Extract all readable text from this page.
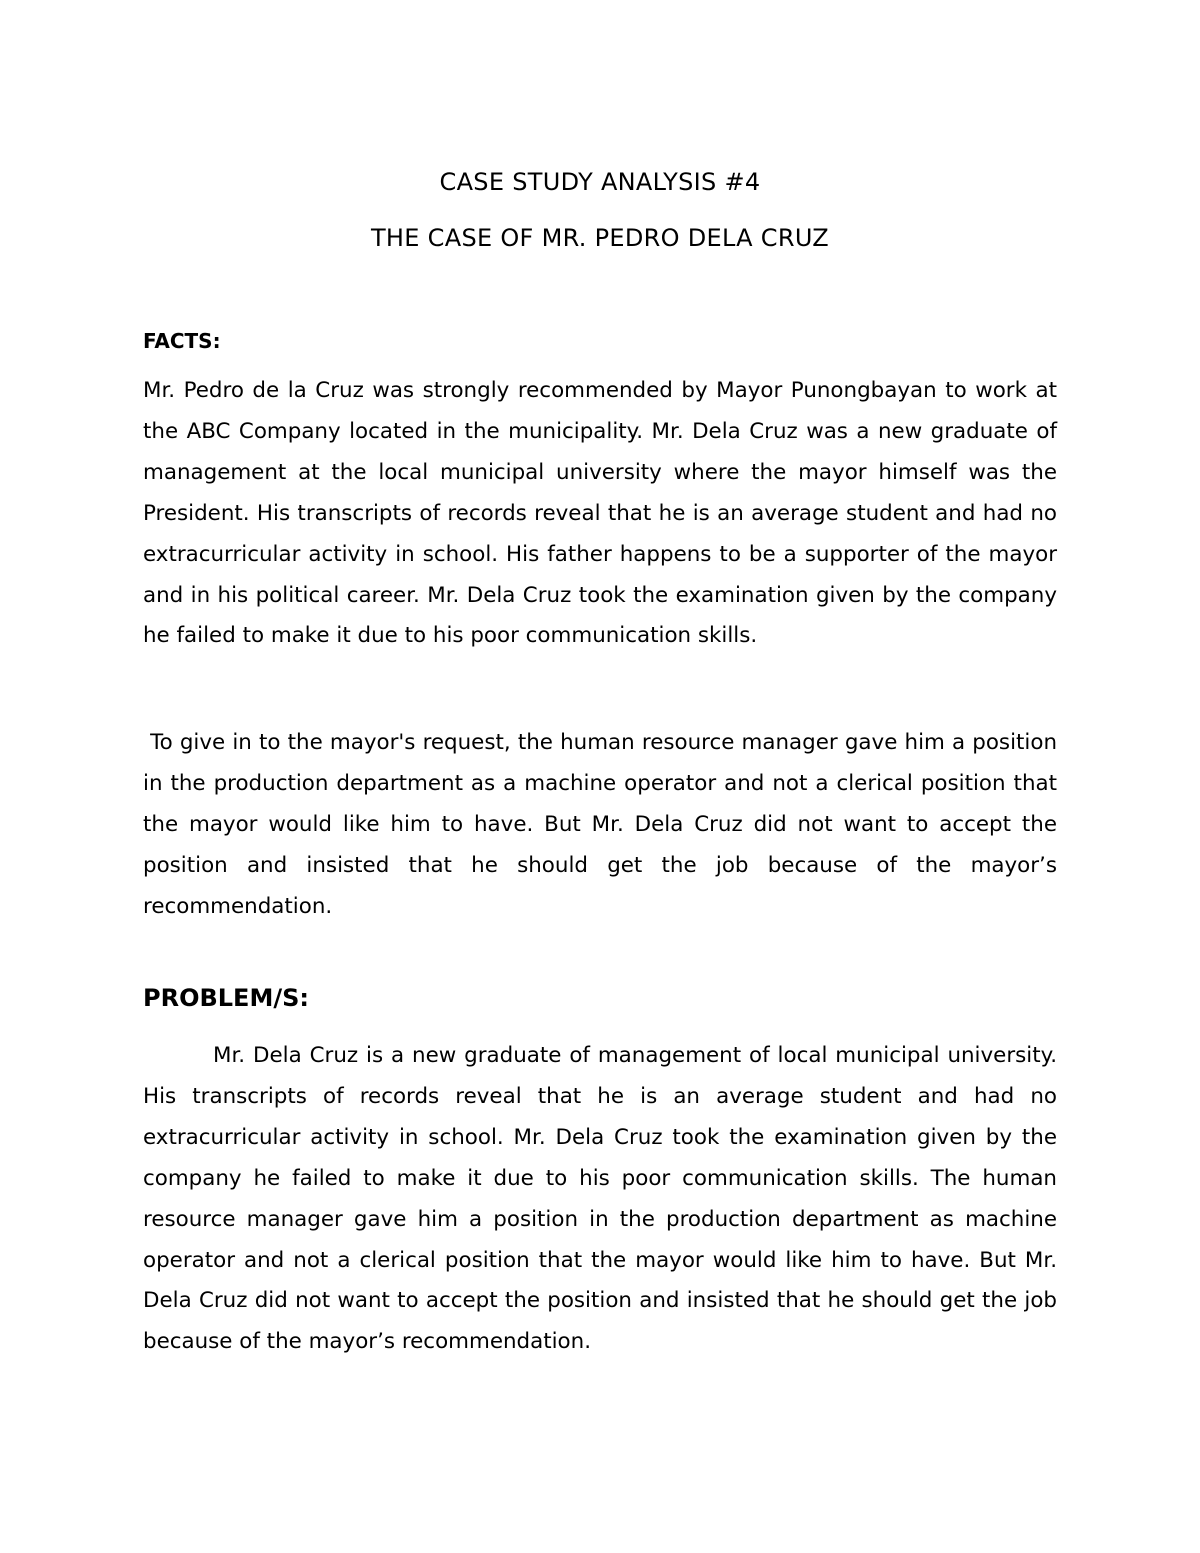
CASE STUDY ANALYSIS #4
THE CASE OF MR. PEDRO DELA CRUZ
FACTS:

Mr. Pedro de la Cruz was strongly recommended by Mayor Punongbayan to work at the ABC Company located in the municipality. Mr. Dela Cruz was a new graduate of management at the local municipal university where the mayor himself was the President. His transcripts of records reveal that he is an average student and had no extracurricular activity in school. His father happens to be a supporter of the mayor and in his political career. Mr. Dela Cruz took the examination given by the company he failed to make it due to his poor communication skills.

To give in to the mayor's request, the human resource manager gave him a position in the production department as a machine operator and not a clerical position that the mayor would like him to have. But Mr. Dela Cruz did not want to accept the position and insisted that he should get the job because of the mayor’s recommendation.

PROBLEM/S:

Mr. Dela Cruz is a new graduate of management of local municipal university. His transcripts of records reveal that he is an average student and had no extracurricular activity in school. Mr. Dela Cruz took the examination given by the company he failed to make it due to his poor communication skills. The human resource manager gave him a position in the production department as machine operator and not a clerical position that the mayor would like him to have. But Mr. Dela Cruz did not want to accept the position and insisted that he should get the job because of the mayor’s recommendation.
